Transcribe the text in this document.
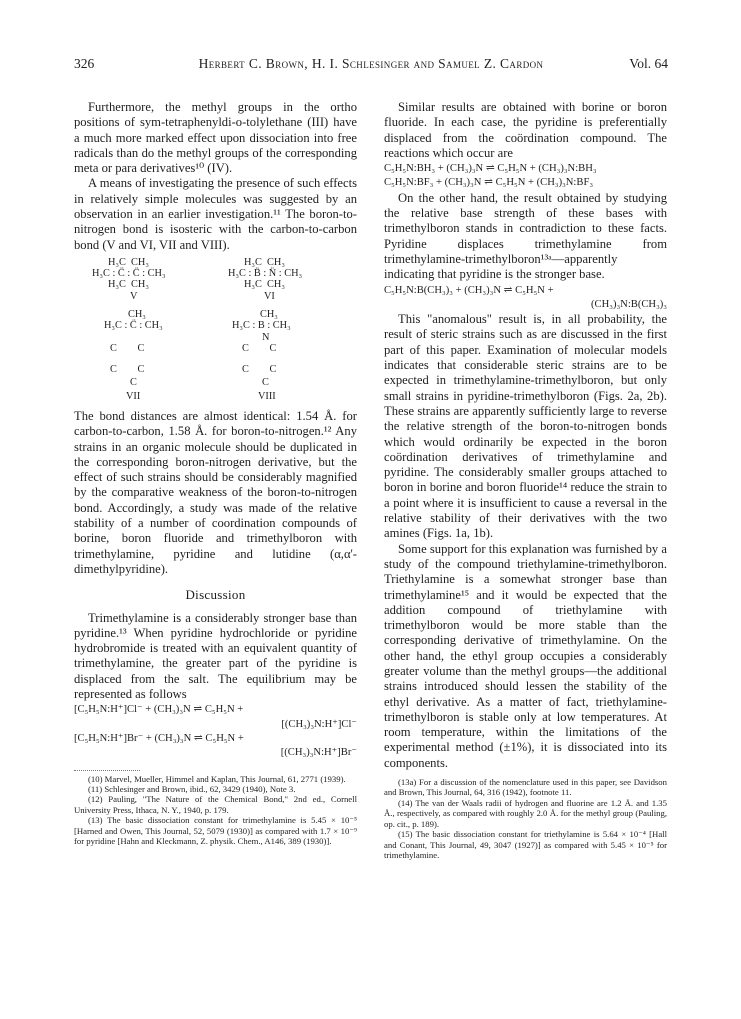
326	Herbert C. Brown, H. I. Schlesinger and Samuel Z. Cardon	Vol. 64

Furthermore, the methyl groups in the ortho positions of sym-tetraphenyldi-o-tolylethane (III) have a much more marked effect upon dissociation into free radicals than do the methyl groups of the corresponding meta or para derivatives¹⁰ (IV).

A means of investigating the presence of such effects in relatively simple molecules was suggested by an observation in an earlier investigation.¹¹ The boron-to-nitrogen bond is isosteric with the carbon-to-carbon bond (V and VI, VII and VIII).

H₃C  CH₃
H₃C : C̈ : C̈ : CH₃
H₃C  CH₃
V
H₃C  CH₃
H₃C : B̈ : N̈ : CH₃
H₃C  CH₃
VI
CH₃
H₃C : C̈ : CH₃
C        C
C        C
C
VII
CH₃
H₃C : B : CH₃
N
C        C
C        C
C
VIII

The bond distances are almost identical: 1.54 Å. for carbon-to-carbon, 1.58 Å. for boron-to-nitrogen.¹² Any strains in an organic molecule should be duplicated in the corresponding boron-nitrogen derivative, but the effect of such strains should be considerably magnified by the comparative weakness of the boron-to-nitrogen bond. Accordingly, a study was made of the relative stability of a number of coordination compounds of borine, boron fluoride and trimethylboron with trimethylamine, pyridine and lutidine (α,α'-dimethylpyridine).

Discussion

Trimethylamine is a considerably stronger base than pyridine.¹³ When pyridine hydrochloride or pyridine hydrobromide is treated with an equivalent quantity of trimethylamine, the greater part of the pyridine is displaced from the salt. The equilibrium may be represented as follows

[C₅H₅N:H⁺]Cl⁻ + (CH₃)₃N ⇌ C₅H₅N +
[(CH₃)₃N:H⁺]Cl⁻
[C₅H₅N:H⁺]Br⁻ + (CH₃)₃N ⇌ C₅H₅N +
[(CH₃)₃N:H⁺]Br⁻

(10) Marvel, Mueller, Himmel and Kaplan, This Journal, 61, 2771 (1939).

(11) Schlesinger and Brown, ibid., 62, 3429 (1940), Note 3.

(12) Pauling, "The Nature of the Chemical Bond," 2nd ed., Cornell University Press, Ithaca, N. Y., 1940, p. 179.

(13) The basic dissociation constant for trimethylamine is 5.45 × 10⁻⁵ [Harned and Owen, This Journal, 52, 5079 (1930)] as compared with 1.7 × 10⁻⁹ for pyridine [Hahn and Kleckmann, Z. physik. Chem., A146, 389 (1930)].

Similar results are obtained with borine or boron fluoride. In each case, the pyridine is preferentially displaced from the coördination compound. The reactions which occur are

C₅H₅N:BH₃ + (CH₃)₃N ⇌ C₅H₅N + (CH₃)₃N:BH₃
C₅H₅N:BF₃ + (CH₃)₃N ⇌ C₅H₅N + (CH₃)₃N:BF₃

On the other hand, the result obtained by studying the relative base strength of these bases with trimethylboron stands in contradiction to these facts. Pyridine displaces trimethylamine from trimethylamine-trimethylboron¹³ᵃ—apparently indicating that pyridine is the stronger base.

C₅H₅N:B(CH₃)₃ + (CH₃)₃N ⇌ C₅H₅N +
(CH₃)₃N:B(CH₃)₃

This "anomalous" result is, in all probability, the result of steric strains such as are discussed in the first part of this paper. Examination of molecular models indicates that considerable steric strains are to be expected in trimethylamine-trimethylboron, but only small strains in pyridine-trimethylboron (Figs. 2a, 2b). These strains are apparently sufficiently large to reverse the relative strength of the boron-to-nitrogen bonds which would ordinarily be expected in the boron coördination derivatives of trimethylamine and pyridine. The considerably smaller groups attached to boron in borine and boron fluoride¹⁴ reduce the strain to a point where it is insufficient to cause a reversal in the relative stability of their derivatives with the two amines (Figs. 1a, 1b).

Some support for this explanation was furnished by a study of the compound triethylamine-trimethylboron. Triethylamine is a somewhat stronger base than trimethylamine¹⁵ and it would be expected that the addition compound of triethylamine with trimethylboron would be more stable than the corresponding derivative of trimethylamine. On the other hand, the ethyl group occupies a considerably greater volume than the methyl groups—the additional strains introduced should lessen the stability of the ethyl derivative. As a matter of fact, triethylamine-trimethylboron is stable only at low temperatures. At room temperature, within the limitations of the experimental method (±1%), it is dissociated into its components.

(13a) For a discussion of the nomenclature used in this paper, see Davidson and Brown, This Journal, 64, 316 (1942), footnote 11.

(14) The van der Waals radii of hydrogen and fluorine are 1.2 Å. and 1.35 Å., respectively, as compared with roughly 2.0 Å. for the methyl group (Pauling, op. cit., p. 189).

(15) The basic dissociation constant for triethylamine is 5.64 × 10⁻⁴ [Hall and Conant, This Journal, 49, 3047 (1927)] as compared with 5.45 × 10⁻⁵ for trimethylamine.
